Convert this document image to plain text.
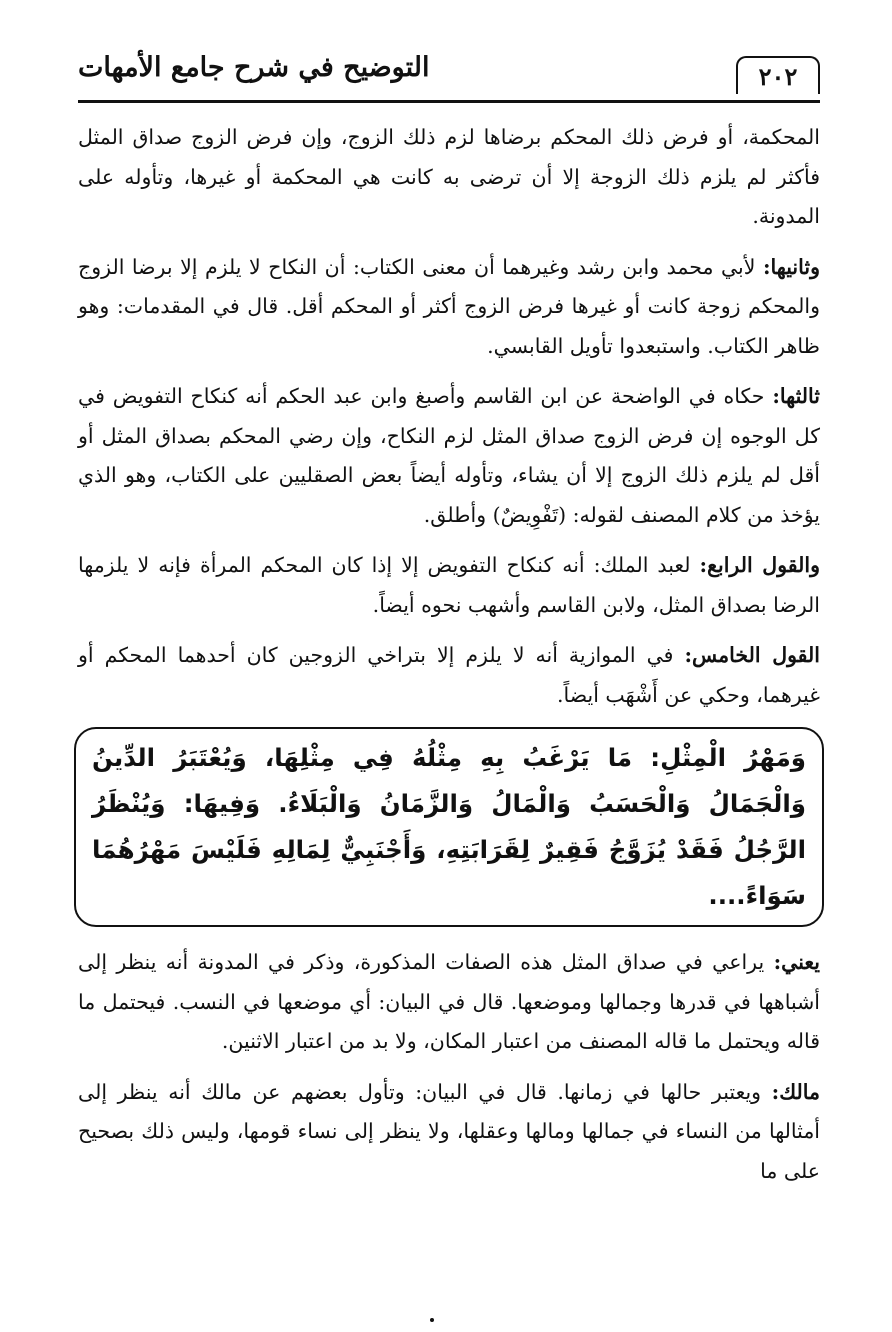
٢٠٢
التوضيح في شرح جامع الأمهات

المحكمة، أو فرض ذلك المحكم برضاها لزم ذلك الزوج، وإن فرض الزوج صداق المثل فأكثر لم يلزم ذلك الزوجة إلا أن ترضى به كانت هي المحكمة أو غيرها، وتأوله على المدونة.

وثانيها: لأبي محمد وابن رشد وغيرهما أن معنى الكتاب: أن النكاح لا يلزم إلا برضا الزوج والمحكم زوجة كانت أو غيرها فرض الزوج أكثر أو المحكم أقل. قال في المقدمات: وهو ظاهر الكتاب. واستبعدوا تأويل القابسي.

ثالثها: حكاه في الواضحة عن ابن القاسم وأصبغ وابن عبد الحكم أنه كنكاح التفويض في كل الوجوه إن فرض الزوج صداق المثل لزم النكاح، وإن رضي المحكم بصداق المثل أو أقل لم يلزم ذلك الزوج إلا أن يشاء، وتأوله أيضاً بعض الصقليين على الكتاب، وهو الذي يؤخذ من كلام المصنف لقوله: (تَفْوِيضٌ) وأطلق.

والقول الرابع: لعبد الملك: أنه كنكاح التفويض إلا إذا كان المحكم المرأة فإنه لا يلزمها الرضا بصداق المثل، ولابن القاسم وأشهب نحوه أيضاً.

القول الخامس: في الموازية أنه لا يلزم إلا بتراخي الزوجين كان أحدهما المحكم أو غيرهما، وحكي عن أَشْهَب أيضاً.

وَمَهْرُ الْمِثْلِ: مَا يَرْغَبُ بِهِ مِثْلُهُ فِي مِثْلِهَا، وَيُعْتَبَرُ الدِّينُ وَالْجَمَالُ وَالْحَسَبُ وَالْمَالُ وَالزَّمَانُ وَالْبَلَاءُ. وَفِيهَا: وَيُنْظَرُ الرَّجُلُ فَقَدْ يُزَوَّجُ فَقِيرٌ لِقَرَابَتِهِ، وَأَجْنَبِيٌّ لِمَالِهِ فَلَيْسَ مَهْرُهُمَا سَوَاءً....

يعني: يراعي في صداق المثل هذه الصفات المذكورة، وذكر في المدونة أنه ينظر إلى أشباهها في قدرها وجمالها وموضعها. قال في البيان: أي موضعها في النسب. فيحتمل ما قاله ويحتمل ما قاله المصنف من اعتبار المكان، ولا بد من اعتبار الاثنين.

مالك: ويعتبر حالها في زمانها. قال في البيان: وتأول بعضهم عن مالك أنه ينظر إلى أمثالها من النساء في جمالها ومالها وعقلها، ولا ينظر إلى نساء قومها، وليس ذلك بصحيح على ما
